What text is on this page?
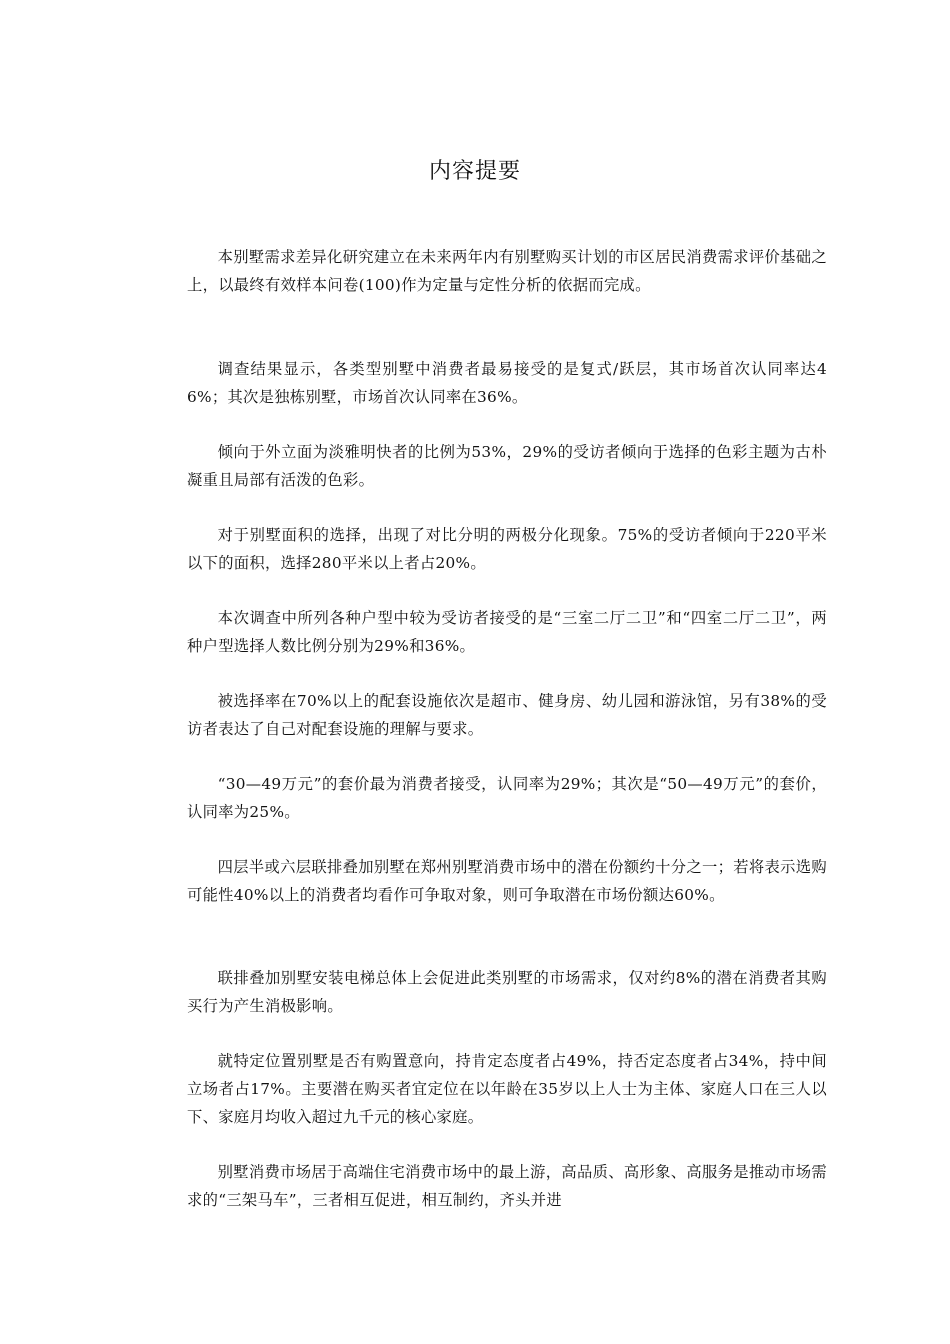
内容提要

本别墅需求差异化研究建立在未来两年内有别墅购买计划的市区居民消费需求评价基础之上，以最终有效样本问卷(100)作为定量与定性分析的依据而完成。

调查结果显示，各类型别墅中消费者最易接受的是复式/跃层，其市场首次认同率达46%；其次是独栋别墅，市场首次认同率在36%。

倾向于外立面为淡雅明快者的比例为53%，29%的受访者倾向于选择的色彩主题为古朴凝重且局部有活泼的色彩。

对于别墅面积的选择，出现了对比分明的两极分化现象。75%的受访者倾向于220平米以下的面积，选择280平米以上者占20%。

本次调查中所列各种户型中较为受访者接受的是“三室二厅二卫”和“四室二厅二卫”，两种户型选择人数比例分别为29%和36%。

被选择率在70%以上的配套设施依次是超市、健身房、幼儿园和游泳馆，另有38%的受访者表达了自己对配套设施的理解与要求。

“30—49万元”的套价最为消费者接受，认同率为29%；其次是“50—49万元”的套价，认同率为25%。

四层半或六层联排叠加别墅在郑州别墅消费市场中的潜在份额约十分之一；若将表示选购可能性40%以上的消费者均看作可争取对象，则可争取潜在市场份额达60%。

联排叠加别墅安装电梯总体上会促进此类别墅的市场需求，仅对约8%的潜在消费者其购买行为产生消极影响。

就特定位置别墅是否有购置意向，持肯定态度者占49%，持否定态度者占34%，持中间立场者占17%。主要潜在购买者宜定位在以年龄在35岁以上人士为主体、家庭人口在三人以下、家庭月均收入超过九千元的核心家庭。

别墅消费市场居于高端住宅消费市场中的最上游，高品质、高形象、高服务是推动市场需求的“三架马车”，三者相互促进，相互制约，齐头并进
